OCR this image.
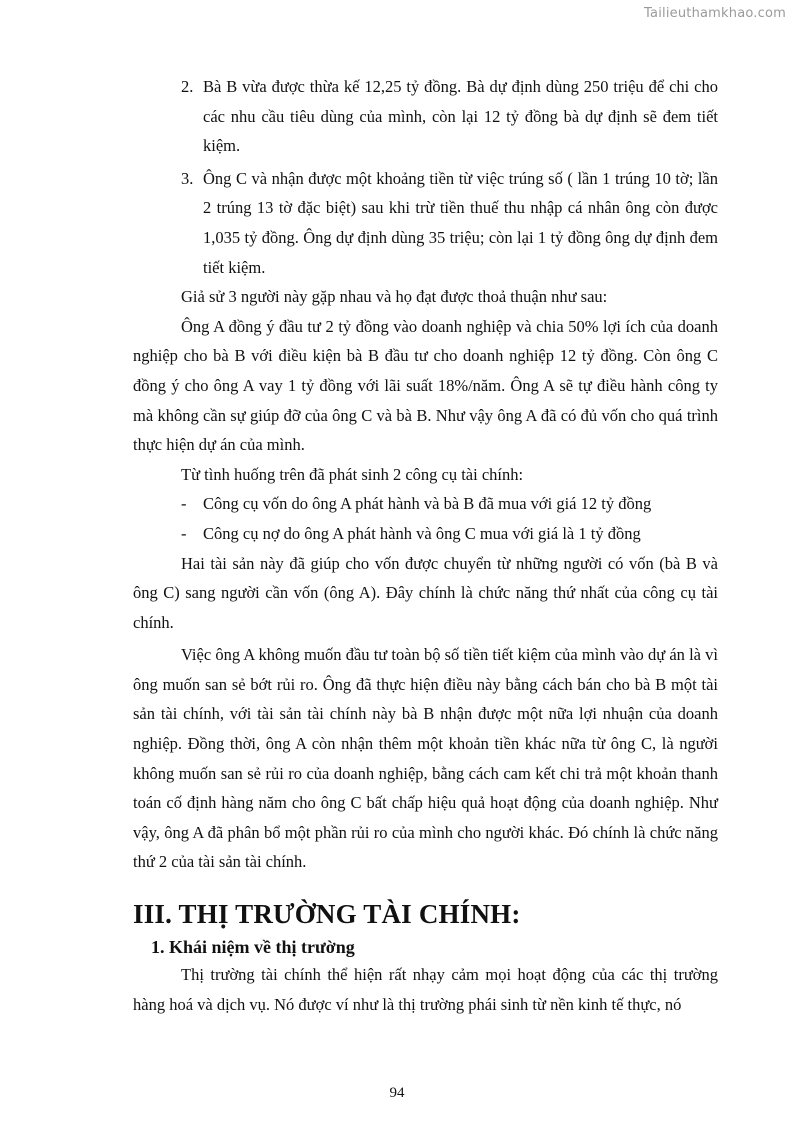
Tailieuthamkhao.com

2. Bà B vừa được thừa kế 12,25 tỷ đồng. Bà dự định dùng 250 triệu để chi cho các nhu cầu tiêu dùng của mình, còn lại 12 tỷ đồng bà dự định sẽ đem tiết kiệm.

3. Ông C và nhận được một khoảng tiền từ việc trúng số ( lần 1 trúng 10 tờ; lần 2 trúng 13 tờ đặc biệt) sau khi trừ tiền thuế thu nhập cá nhân ông còn được 1,035 tỷ đồng. Ông dự định dùng 35 triệu; còn lại 1 tỷ đồng ông dự định đem tiết kiệm.

Giả sử 3 người này gặp nhau và họ đạt được thoả thuận như sau:

Ông A đồng ý đầu tư 2 tỷ đồng vào doanh nghiệp và chia 50% lợi ích của doanh nghiệp cho bà B với điều kiện bà B đầu tư cho doanh nghiệp 12 tỷ đồng. Còn ông C đồng ý cho ông A vay 1 tỷ đồng với lãi suất 18%/năm. Ông A sẽ tự điều hành công ty mà không cần sự giúp đỡ của ông C và bà B. Như vậy ông A đã có đủ vốn cho quá trình thực hiện dự án của mình.

Từ tình huống trên đã phát sinh 2 công cụ tài chính:

- Công cụ vốn do ông A phát hành và bà B đã mua với giá 12 tỷ đồng

- Công cụ nợ do ông A phát hành và ông C mua với giá là 1 tỷ đồng

Hai tài sản này đã giúp cho vốn được chuyển từ những người có vốn (bà B và ông C) sang người cần vốn (ông A). Đây chính là chức năng thứ nhất của công cụ tài chính.

Việc ông A không muốn đầu tư toàn bộ số tiền tiết kiệm của mình vào dự án là vì ông muốn san sẻ bớt rủi ro. Ông đã thực hiện điều này bằng cách bán cho bà B một tài sản tài chính, với tài sản tài chính này bà B nhận được một nữa lợi nhuận của doanh nghiệp. Đồng thời, ông A còn nhận thêm một khoản tiền khác nữa từ ông C, là người không muốn san sẻ rủi ro của doanh nghiệp, bằng cách cam kết chi trả một khoản thanh toán cố định hàng năm cho ông C bất chấp hiệu quả hoạt động của doanh nghiệp. Như vậy, ông A đã phân bổ một phần rủi ro của mình cho người khác. Đó chính là chức năng thứ 2 của tài sản tài chính.

III. THỊ TRƯỜNG TÀI CHÍNH:
1. Khái niệm về thị trường

Thị trường tài chính thể hiện rất nhạy cảm mọi hoạt động của các thị trường hàng hoá và dịch vụ. Nó được ví như là thị trường phái sinh từ nền kinh tế thực, nó

94
